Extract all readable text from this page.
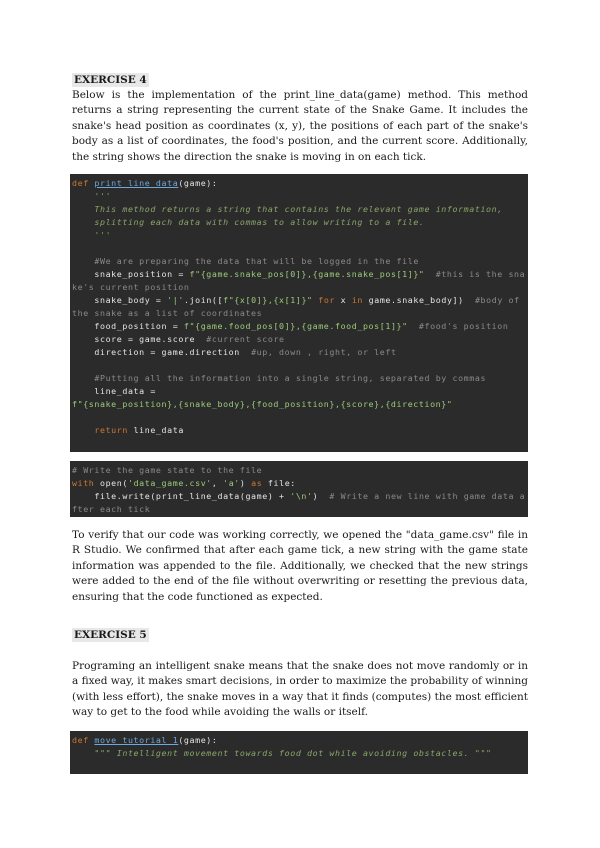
EXERCISE 4

Below is the implementation of the print_line_data(game) method. This method returns a string representing the current state of the Snake Game. It includes the snake's head position as coordinates (x, y), the positions of each part of the snake's body as a list of coordinates, the food's position, and the current score. Additionally, the string shows the direction the snake is moving in on each tick.

def print_line_data(game):
'''
This method returns a string that contains the relevant game information,
splitting each data with commas to allow writing to a file.
'''
#We are preparing the data that will be logged in the file
snake_position = f"{game.snake_pos[0]},{game.snake_pos[1]}"  #this is the snake's current position
snake_body = '|'.join([f"{x[0]},{x[1]}" for x in game.snake_body])  #body of the snake as a list of coordinates
food_position = f"{game.food_pos[0]},{game.food_pos[1]}"  #food's position
score = game.score  #current score
direction = game.direction  #up, down , right, or left
#Putting all the information into a single string, separated by commas
line_data =
f"{snake_position},{snake_body},{food_position},{score},{direction}"
return line_data
# Write the game state to the file
with open('data_game.csv', 'a') as file:
file.write(print_line_data(game) + '\n')  # Write a new line with game data after each tick

To verify that our code was working correctly, we opened the "data_game.csv" file in R Studio. We confirmed that after each game tick, a new string with the game state information was appended to the file. Additionally, we checked that the new strings were added to the end of the file without overwriting or resetting the previous data, ensuring that the code functioned as expected.

EXERCISE 5

Programing an intelligent snake means that the snake does not move randomly or in a fixed way, it makes smart decisions, in order to maximize the probability of winning (with less effort), the snake moves in a way that it finds (computes) the most efficient way to get to the food while avoiding the walls or itself.

def move_tutorial_1(game):
""" Intelligent movement towards food dot while avoiding obstacles. """
